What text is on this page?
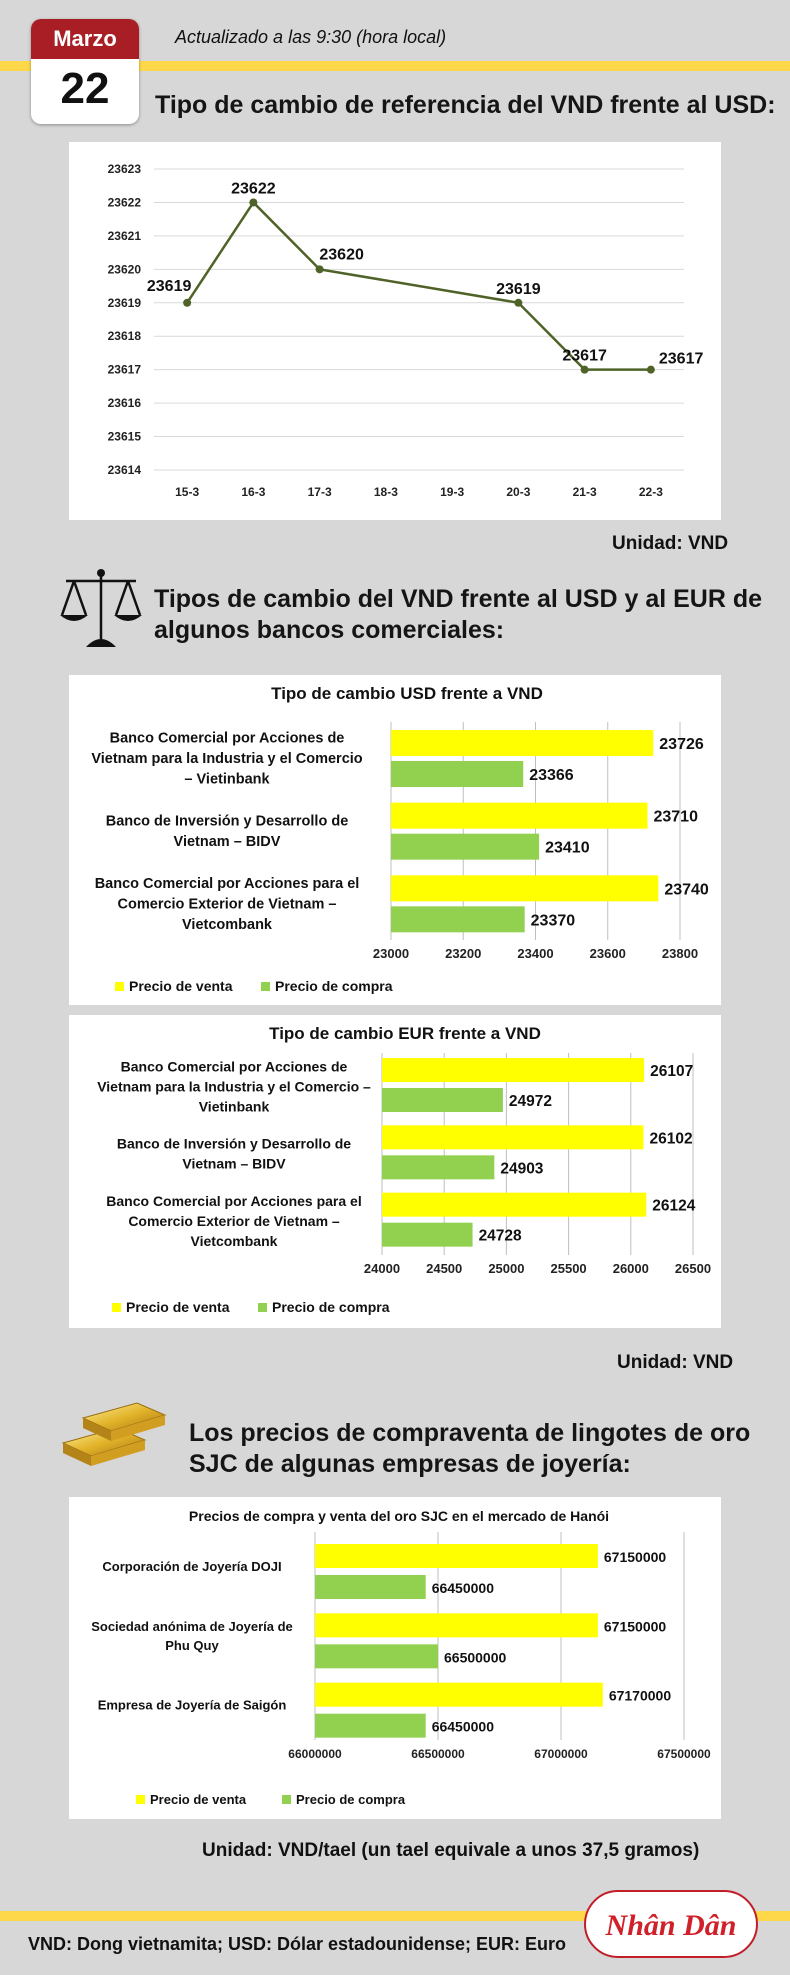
Marzo
22
Actualizado a las 9:30 (hora local)
Tipo de cambio de referencia del VND frente al USD:
23623
23622
23621
23620
23619
23618
23617
23616
23615
23614
15-3	16-3	17-3	18-3	19-3	20-3	21-3	22-3
23619
23622
23620
23619
23617	23617
Unidad: VND
Tipos de cambio del VND frente al USD y al EUR de
algunos bancos comerciales:
Tipo de cambio USD frente a VND
23000	23200	23400	23600	23800
23726
23366
Banco Comercial por Acciones de
Vietnam para la Industria y el Comercio
– Vietinbank
23710
23410
Banco de Inversión y Desarrollo de
Vietnam – BIDV
23740
23370
Banco Comercial por Acciones para el
Comercio Exterior de Vietnam –
Vietcombank
Precio de venta	Precio de compra
Tipo de cambio EUR frente a VND
24000 24500 25000 25500 26000 26500
26107
24972
Banco Comercial por Acciones de
Vietnam para la Industria y el Comercio –
Vietinbank
26102
24903
Banco de Inversión y Desarrollo de
Vietnam – BIDV
26124
24728
Banco Comercial por Acciones para el
Comercio Exterior de Vietnam –
Vietcombank
Precio de venta	Precio de compra
Unidad: VND
Los precios de compraventa de lingotes de oro
SJC de algunas empresas de joyería:
Precios de compra y venta del oro SJC en el mercado de Hanói
66000000	66500000	67000000	67500000
67150000
66450000
Corporación de Joyería DOJI
67150000
66500000
Sociedad anónima de Joyería de
Phu Quy
67170000
66450000
Empresa de Joyería de Saigón
Precio de venta	Precio de compra
Unidad: VND/tael (un tael equivale a unos 37,5 gramos)
VND: Dong vietnamita; USD: Dólar estadounidense; EUR: Euro
Nhân Dân
